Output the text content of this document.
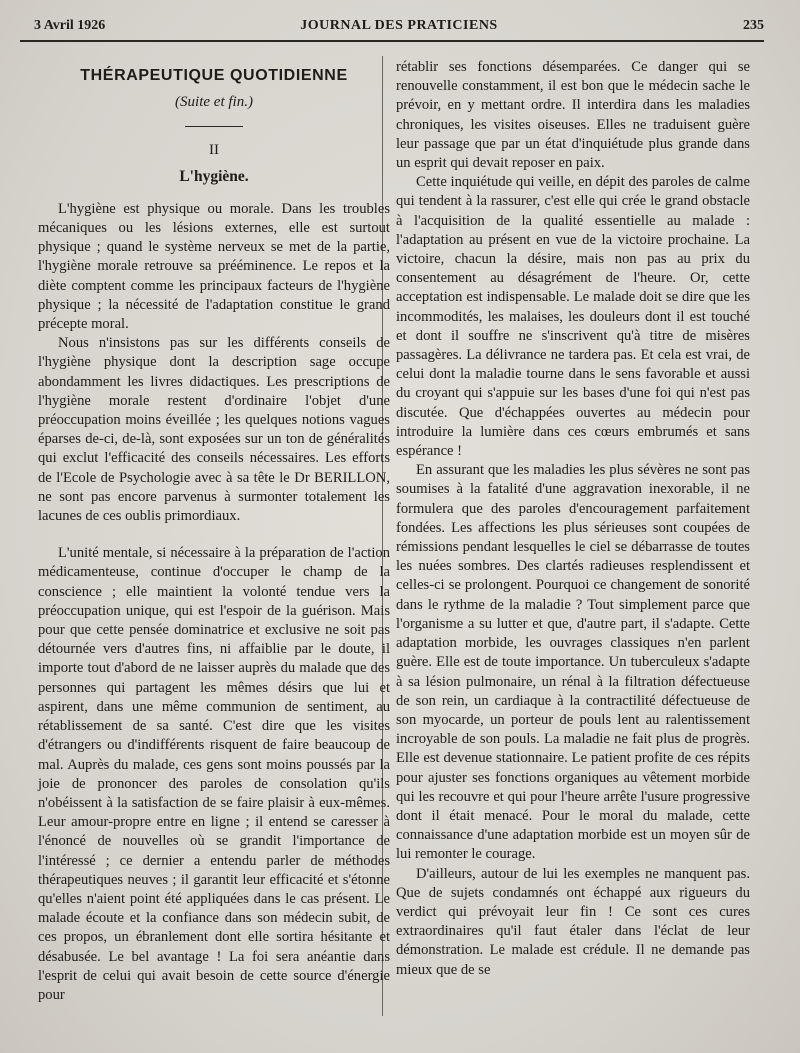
3 Avril 1926	JOURNAL DES PRATICIENS	235
THÉRAPEUTIQUE QUOTIDIENNE
(Suite et fin.)
II
L'hygiène.

L'hygiène est physique ou morale. Dans les troubles mécaniques ou les lésions externes, elle est surtout physique ; quand le système nerveux se met de la partie, l'hygiène morale retrouve sa prééminence. Le repos et la diète comptent comme les principaux facteurs de l'hygiène physique ; la nécessité de l'adaptation constitue le grand précepte moral.

Nous n'insistons pas sur les différents conseils de l'hygiène physique dont la description sage occupe abondamment les livres didactiques. Les prescriptions de l'hygiène morale restent d'ordinaire l'objet d'une préoccupation moins éveillée ; les quelques notions vagues éparses de-ci, de-là, sont exposées sur un ton de généralités qui exclut l'efficacité des conseils nécessaires. Les efforts de l'Ecole de Psychologie avec à sa tête le Dr BERILLON, ne sont pas encore parvenus à surmonter totalement les lacunes de ces oublis primordiaux.

L'unité mentale, si nécessaire à la préparation de l'action médicamenteuse, continue d'occuper le champ de la conscience ; elle maintient la volonté tendue vers la préoccupation unique, qui est l'espoir de la guérison. Mais pour que cette pensée dominatrice et exclusive ne soit pas détournée vers d'autres fins, ni affaiblie par le doute, il importe tout d'abord de ne laisser auprès du malade que des personnes qui partagent les mêmes désirs que lui et aspirent, dans une même communion de sentiment, au rétablissement de sa santé. C'est dire que les visites d'étrangers ou d'indifférents risquent de faire beaucoup de mal. Auprès du malade, ces gens sont moins poussés par la joie de prononcer des paroles de consolation qu'ils n'obéissent à la satisfaction de se faire plaisir à eux-mêmes. Leur amour-propre entre en ligne ; il entend se caresser à l'énoncé de nouvelles où se grandit l'importance de l'intéressé ; ce dernier a entendu parler de méthodes thérapeutiques neuves ; il garantit leur efficacité et s'étonne qu'elles n'aient point été appliquées dans le cas présent. Le malade écoute et la confiance dans son médecin subit, de ces propos, un ébranlement dont elle sortira hésitante et désabusée. Le bel avantage ! La foi sera anéantie dans l'esprit de celui qui avait besoin de cette source d'énergie pour

rétablir ses fonctions désemparées. Ce danger qui se renouvelle constamment, il est bon que le médecin sache le prévoir, en y mettant ordre. Il interdira dans les maladies chroniques, les visites oiseuses. Elles ne traduisent guère leur passage que par un état d'inquiétude plus grande dans un esprit qui devait reposer en paix.

Cette inquiétude qui veille, en dépit des paroles de calme qui tendent à la rassurer, c'est elle qui crée le grand obstacle à l'acquisition de la qualité essentielle au malade : l'adaptation au présent en vue de la victoire prochaine. La victoire, chacun la désire, mais non pas au prix du consentement au désagrément de l'heure. Or, cette acceptation est indispensable. Le malade doit se dire que les incommodités, les malaises, les douleurs dont il est touché et dont il souffre ne s'inscrivent qu'à titre de misères passagères. La délivrance ne tardera pas. Et cela est vrai, de celui dont la maladie tourne dans le sens favorable et aussi du croyant qui s'appuie sur les bases d'une foi qui n'est pas discutée. Que d'échappées ouvertes au médecin pour introduire la lumière dans ces cœurs embrumés et sans espérance !

En assurant que les maladies les plus sévères ne sont pas soumises à la fatalité d'une aggravation inexorable, il ne formulera que des paroles d'encouragement parfaitement fondées. Les affections les plus sérieuses sont coupées de rémissions pendant lesquelles le ciel se débarrasse de toutes les nuées sombres. Des clartés radieuses resplendissent et celles-ci se prolongent. Pourquoi ce changement de sonorité dans le rythme de la maladie ? Tout simplement parce que l'organisme a su lutter et que, d'autre part, il s'adapte. Cette adaptation morbide, les ouvrages classiques n'en parlent guère. Elle est de toute importance. Un tuberculeux s'adapte à sa lésion pulmonaire, un rénal à la filtration défectueuse de son rein, un cardiaque à la contractilité défectueuse de son myocarde, un porteur de pouls lent au ralentissement incroyable de son pouls. La maladie ne fait plus de progrès. Elle est devenue stationnaire. Le patient profite de ces répits pour ajuster ses fonctions organiques au vêtement morbide qui les recouvre et qui pour l'heure arrête l'usure progressive dont il était menacé. Pour le moral du malade, cette connaissance d'une adaptation morbide est un moyen sûr de lui remonter le courage.

D'ailleurs, autour de lui les exemples ne manquent pas. Que de sujets condamnés ont échappé aux rigueurs du verdict qui prévoyait leur fin ! Ce sont ces cures extraordinaires qu'il faut étaler dans l'éclat de leur démonstration. Le malade est crédule. Il ne demande pas mieux que de se
